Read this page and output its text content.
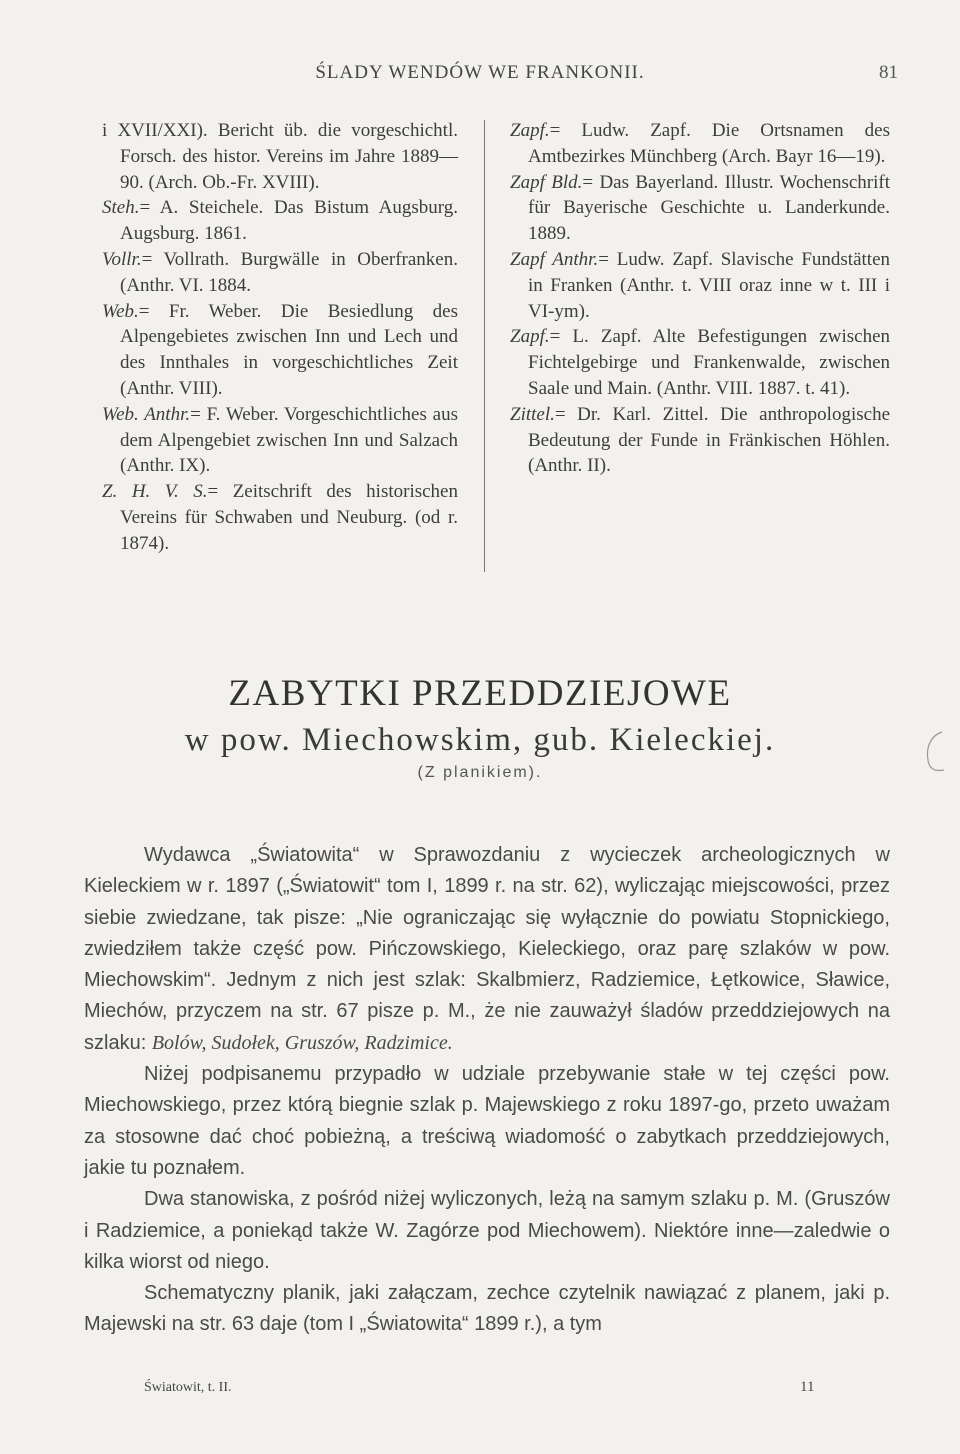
ŚLADY WENDÓW WE FRANKONII.	81

i XVII/XXI). Bericht üb. die vorgeschichtl. Forsch. des histor. Vereins im Jahre 1889—90. (Arch. Ob.-Fr. XVIII).

Steh.= A. Steichele. Das Bistum Augsburg. Augsburg. 1861.

Vollr.= Vollrath. Burgwälle in Oberfranken. (Anthr. VI. 1884.

Web.= Fr. Weber. Die Besiedlung des Alpengebietes zwischen Inn und Lech und des Innthales in vorgeschichtliches Zeit (Anthr. VIII).

Web. Anthr.= F. Weber. Vorgeschichtliches aus dem Alpengebiet zwischen Inn und Salzach (Anthr. IX).

Z. H. V. S.= Zeitschrift des historischen Vereins für Schwaben und Neuburg. (od r. 1874).

Zapf.= Ludw. Zapf. Die Ortsnamen des Amtbezirkes Münchberg (Arch. Bayr 16—19).

Zapf Bld.= Das Bayerland. Illustr. Wochenschrift für Bayerische Geschichte u. Landerkunde. 1889.

Zapf Anthr.= Ludw. Zapf. Slavische Fundstätten in Franken (Anthr. t. VIII oraz inne w t. III i VI-ym).

Zapf.= L. Zapf. Alte Befestigungen zwischen Fichtelgebirge und Frankenwalde, zwischen Saale und Main. (Anthr. VIII. 1887. t. 41).

Zittel.= Dr. Karl. Zittel. Die anthropologische Bedeutung der Funde in Fränkischen Höhlen. (Anthr. II).

ZABYTKI PRZEDDZIEJOWE
w pow. Miechowskim, gub. Kieleckiej.
(Z planikiem).

Wydawca „Światowita“ w Sprawozdaniu z wycieczek archeologicznych w Kieleckiem w r. 1897 („Światowit“ tom I, 1899 r. na str. 62), wyliczając miejscowości, przez siebie zwiedzane, tak pisze: „Nie ograniczając się wyłącznie do powiatu Stopnickiego, zwiedziłem także część pow. Pińczowskiego, Kieleckiego, oraz parę szlaków w pow. Miechowskim“. Jednym z nich jest szlak: Skalbmierz, Radziemice, Łętkowice, Sławice, Miechów, przyczem na str. 67 pisze p. M., że nie zauważył śladów przeddziejowych na szlaku: Bolów, Sudołek, Gruszów, Radzimice.

Niżej podpisanemu przypadło w udziale przebywanie stałe w tej części pow. Miechowskiego, przez którą biegnie szlak p. Majewskiego z roku 1897-go, przeto uważam za stosowne dać choć pobieżną, a treściwą wiadomość o zabytkach przeddziejowych, jakie tu poznałem.

Dwa stanowiska, z pośród niżej wyliczonych, leżą na samym szlaku p. M. (Gruszów i Radziemice, a poniekąd także W. Zagórze pod Miechowem). Niektóre inne—zaledwie o kilka wiorst od niego.

Schematyczny planik, jaki załączam, zechce czytelnik nawiązać z planem, jaki p. Majewski na str. 63 daje (tom I „Światowita“ 1899 r.), a tym

Światowit, t. II.	11
